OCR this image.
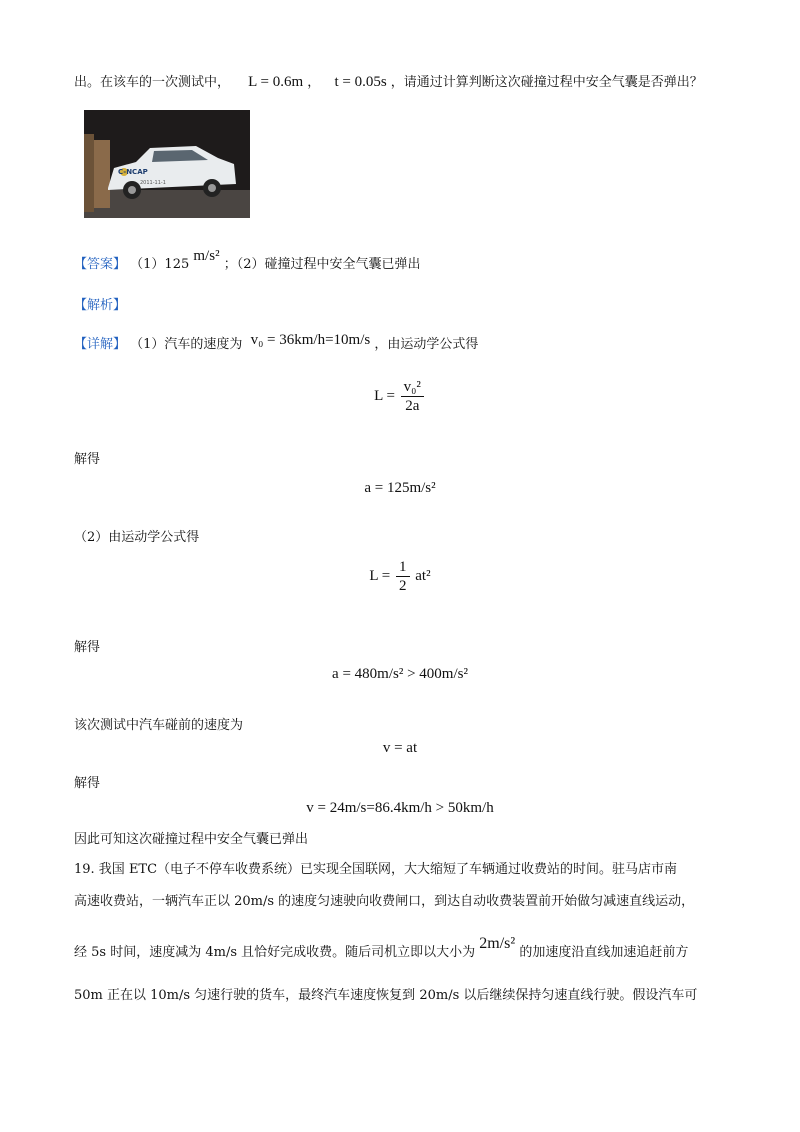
出。在该车的一次测试中， L = 0.6m ， t = 0.05s ，请通过计算判断这次碰撞过程中安全气囊是否弹出？
C-NCAP
2011-11-1
【答案】 （1）125 m/s² ；（2）碰撞过程中安全气囊已弹出
【解析】
【详解】 （1）汽车的速度为 v₀ = 36km/h=10m/s ，由运动学公式得
$L = \frac{\text{v₀²}}{2a}$
解得
a = 125m/s²
（2）由运动学公式得
$L = \frac{1}{2} at^2$
解得
a = 480m/s² > 400m/s²
该次测试中汽车碰前的速度为
v = at
解得
v = 24m/s=86.4km/h > 50km/h
因此可知这次碰撞过程中安全气囊已弹出
19. 我国 ETC（电子不停车收费系统）已实现全国联网，大大缩短了车辆通过收费站的时间。驻马店市南
高速收费站，一辆汽车正以 20m/s 的速度匀速驶向收费闸口，到达自动收费装置前开始做匀减速直线运动，
经 5s 时间，速度减为 4m/s 且恰好完成收费。随后司机立即以大小为 2m/s² 的加速度沿直线加速追赶前方
50m 正在以 10m/s 匀速行驶的货车，最终汽车速度恢复到 20m/s 以后继续保持匀速直线行驶。假设汽车可
